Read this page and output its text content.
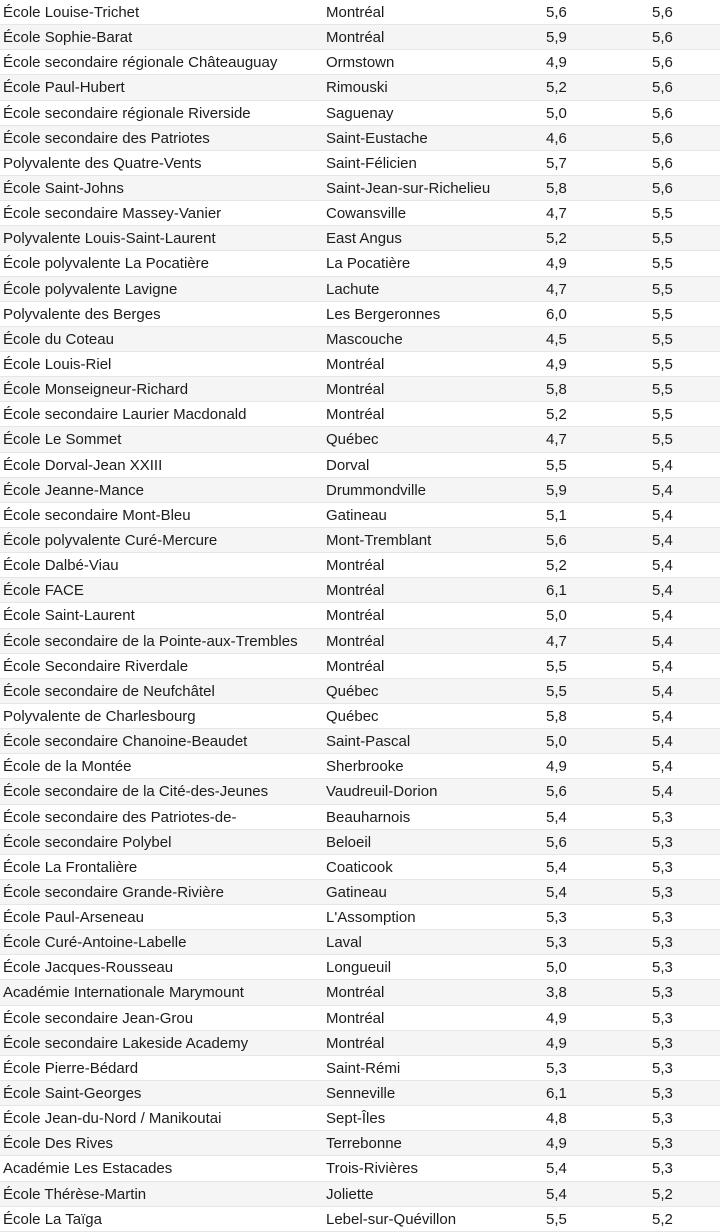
École Louise-Trichet	Montréal	5,6	5,6
École Sophie-Barat	Montréal	5,9	5,6
École secondaire régionale Châteauguay	Ormstown	4,9	5,6
École Paul-Hubert	Rimouski	5,2	5,6
École secondaire régionale Riverside	Saguenay	5,0	5,6
École secondaire des Patriotes	Saint-Eustache	4,6	5,6
Polyvalente des Quatre-Vents	Saint-Félicien	5,7	5,6
École Saint-Johns	Saint-Jean-sur-Richelieu	5,8	5,6
École secondaire Massey-Vanier	Cowansville	4,7	5,5
Polyvalente Louis-Saint-Laurent	East Angus	5,2	5,5
École polyvalente La Pocatière	La Pocatière	4,9	5,5
École polyvalente Lavigne	Lachute	4,7	5,5
Polyvalente des Berges	Les Bergeronnes	6,0	5,5
École du Coteau	Mascouche	4,5	5,5
École Louis-Riel	Montréal	4,9	5,5
École Monseigneur-Richard	Montréal	5,8	5,5
École secondaire Laurier Macdonald	Montréal	5,2	5,5
École Le Sommet	Québec	4,7	5,5
École Dorval-Jean XXIII	Dorval	5,5	5,4
École Jeanne-Mance	Drummondville	5,9	5,4
École secondaire Mont-Bleu	Gatineau	5,1	5,4
École polyvalente Curé-Mercure	Mont-Tremblant	5,6	5,4
École Dalbé-Viau	Montréal	5,2	5,4
École FACE	Montréal	6,1	5,4
École Saint-Laurent	Montréal	5,0	5,4
École secondaire de la Pointe-aux-Trembles	Montréal	4,7	5,4
École Secondaire Riverdale	Montréal	5,5	5,4
École secondaire de Neufchâtel	Québec	5,5	5,4
Polyvalente de Charlesbourg	Québec	5,8	5,4
École secondaire Chanoine-Beaudet	Saint-Pascal	5,0	5,4
École de la Montée	Sherbrooke	4,9	5,4
École secondaire de la Cité-des-Jeunes	Vaudreuil-Dorion	5,6	5,4
École secondaire des Patriotes-de-	Beauharnois	5,4	5,3
École secondaire Polybel	Beloeil	5,6	5,3
École La Frontalière	Coaticook	5,4	5,3
École secondaire Grande-Rivière	Gatineau	5,4	5,3
École Paul-Arseneau	L'Assomption	5,3	5,3
École Curé-Antoine-Labelle	Laval	5,3	5,3
École Jacques-Rousseau	Longueuil	5,0	5,3
Académie Internationale Marymount	Montréal	3,8	5,3
École secondaire Jean-Grou	Montréal	4,9	5,3
École secondaire Lakeside Academy	Montréal	4,9	5,3
École Pierre-Bédard	Saint-Rémi	5,3	5,3
École Saint-Georges	Senneville	6,1	5,3
École Jean-du-Nord / Manikoutai	Sept-Îles	4,8	5,3
École Des Rives	Terrebonne	4,9	5,3
Académie Les Estacades	Trois-Rivières	5,4	5,3
École Thérèse-Martin	Joliette	5,4	5,2
École La Taïga	Lebel-sur-Quévillon	5,5	5,2
